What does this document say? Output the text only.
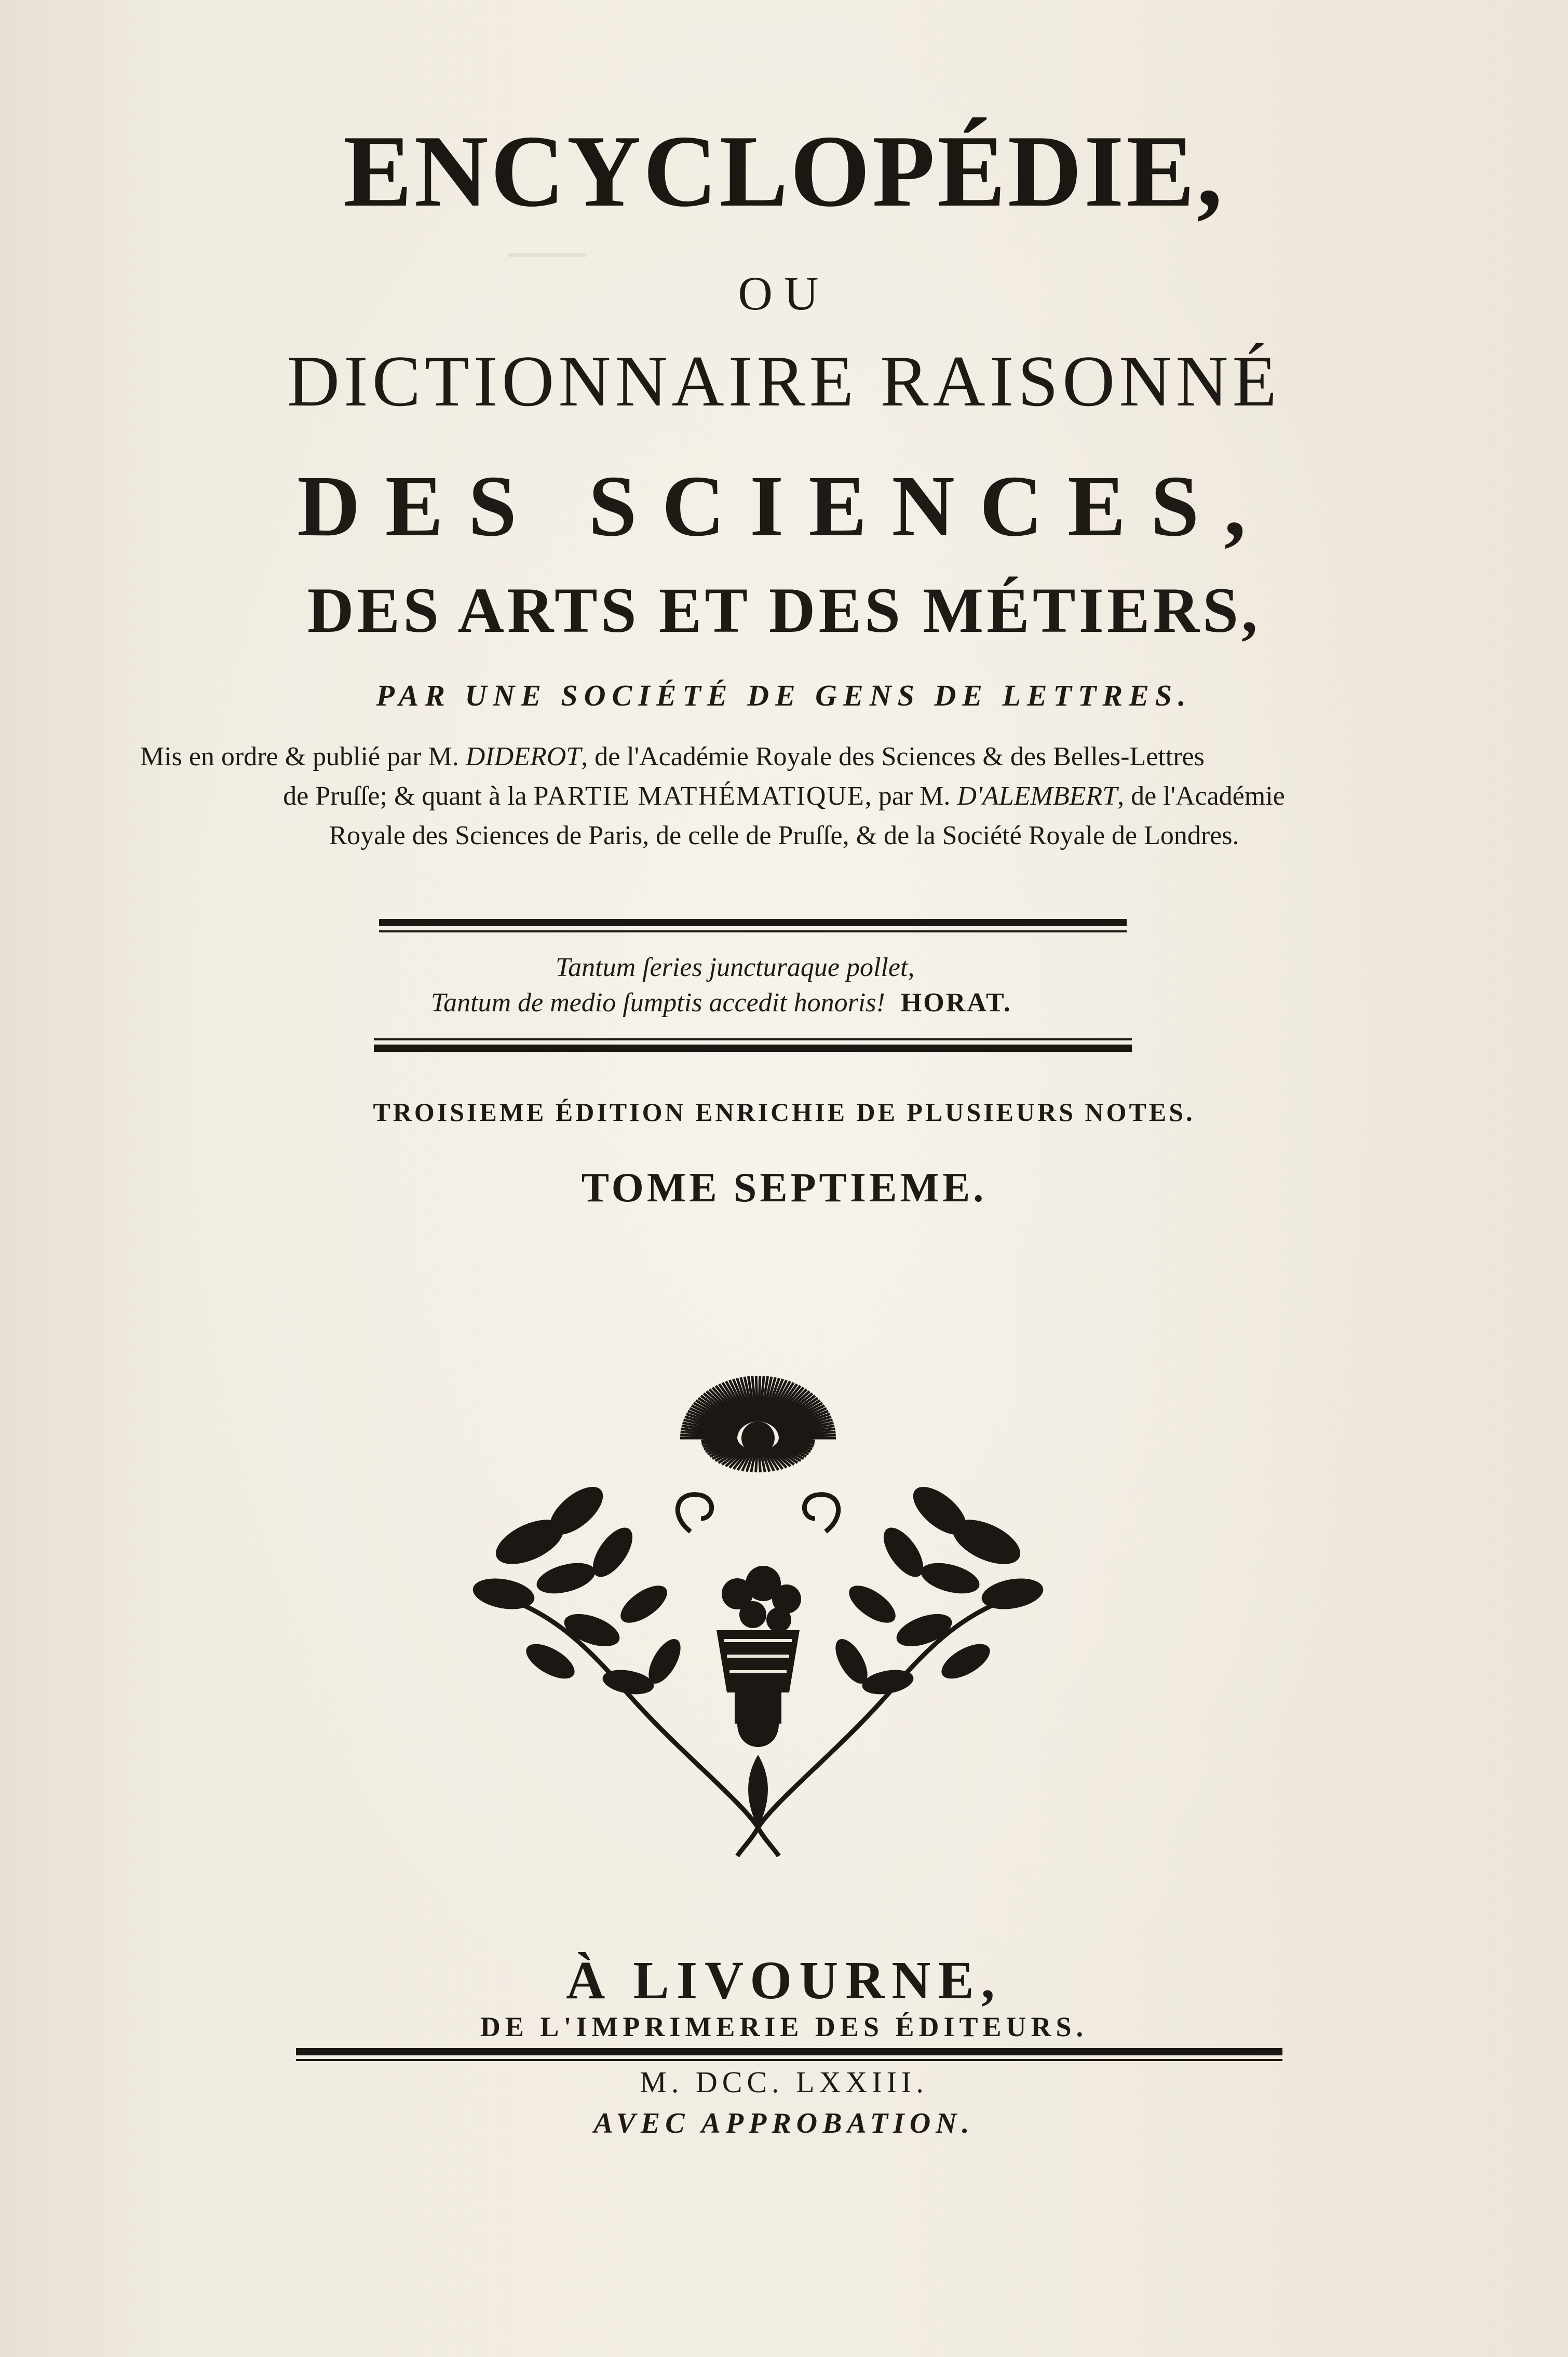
—
ENCYCLOPÉDIE,
OU
DICTIONNAIRE RAISONNÉ
DES SCIENCES,
DES ARTS ET DES MÉTIERS,
PAR UNE SOCIÉTÉ DE GENS DE LETTRES.
Mis en ordre & publié par M. DIDEROT, de l'Académie Royale des Sciences & des Belles-Lettres
de Pruſſe; & quant à la PARTIE MATHÉMATIQUE, par M. D'ALEMBERT, de l'Académie
Royale des Sciences de Paris, de celle de Pruſſe, & de la Société Royale de Londres.
Tantum ſeries juncturaque pollet,
Tantum de medio ſumptis accedit honoris! HORAT.
TROISIEME ÉDITION ENRICHIE DE PLUSIEURS NOTES.
TOME SEPTIEME.
À LIVOURNE,
DE L'IMPRIMERIE DES ÉDITEURS.
M. DCC. LXXIII.
AVEC APPROBATION.
